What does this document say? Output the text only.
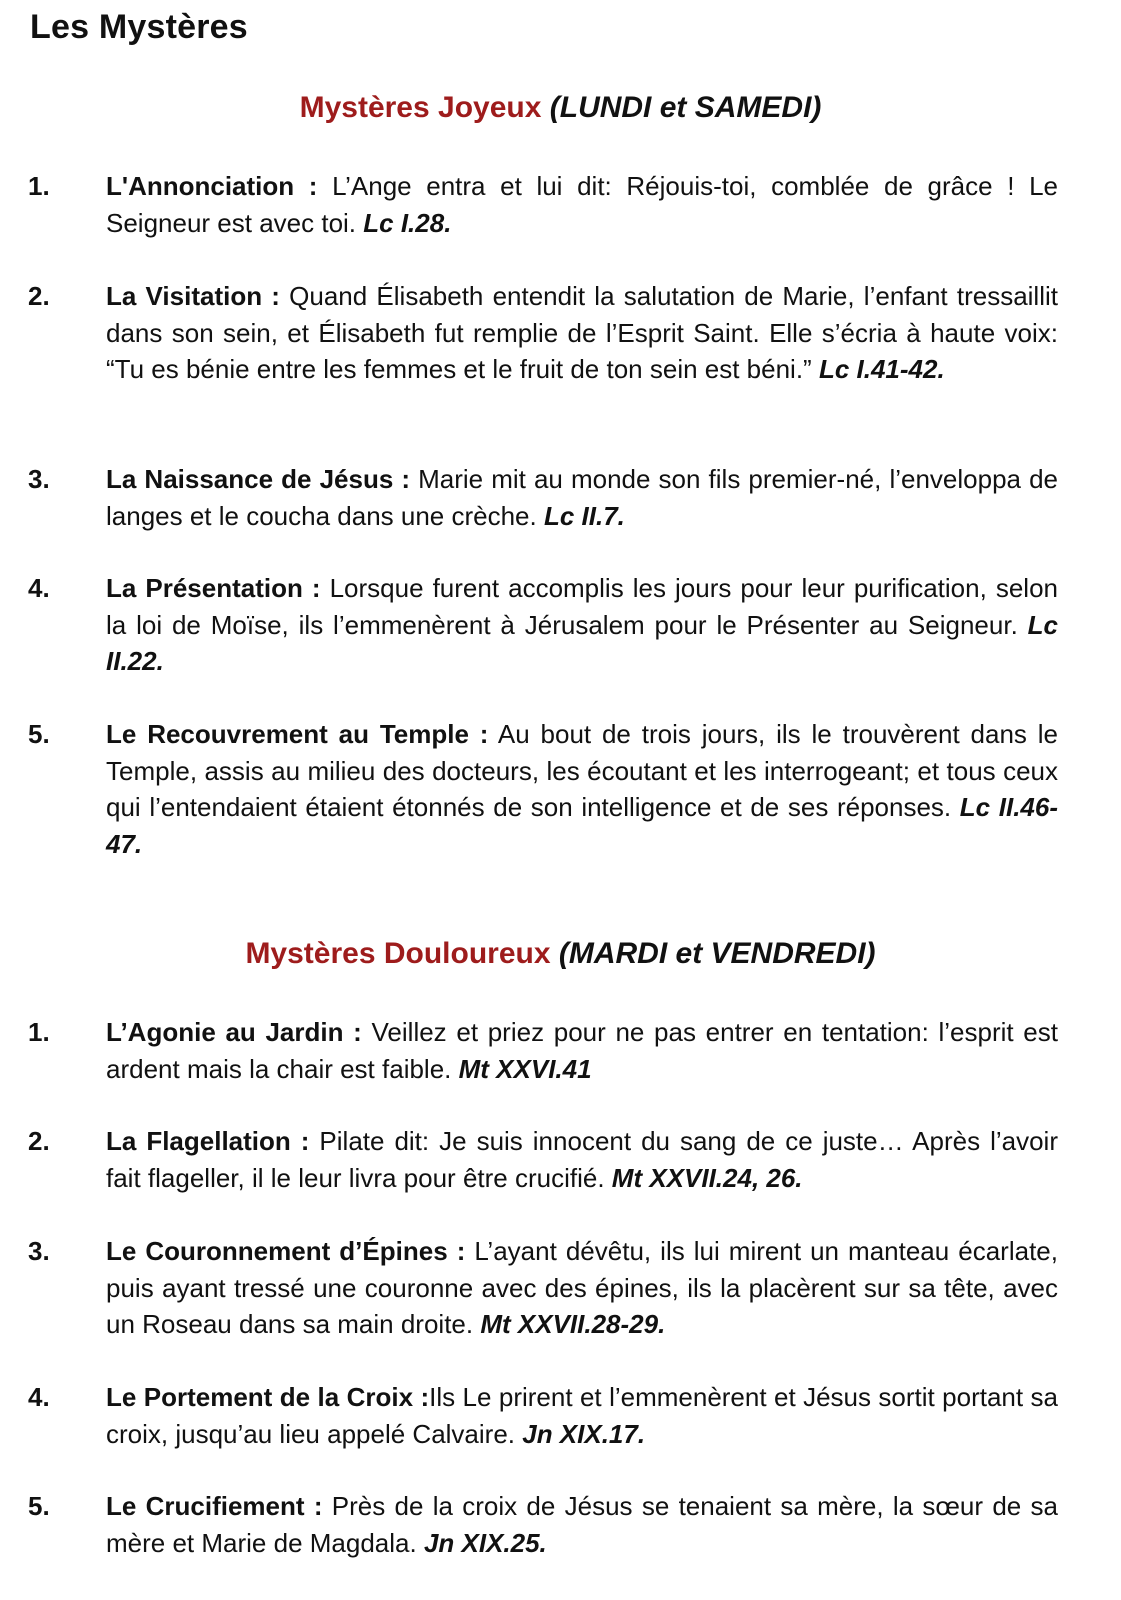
Les Mystères
Mystères Joyeux (LUNDI et SAMEDI)
1. L'Annonciation : L’Ange entra et lui dit: Réjouis-toi, comblée de grâce ! Le Seigneur est avec toi. Lc I.28.

2. La Visitation : Quand Élisabeth entendit la salutation de Marie, l’enfant tressaillit dans son sein, et Élisabeth fut remplie de l’Esprit Saint. Elle s’écria à haute voix: “Tu es bénie entre les femmes et le fruit de ton sein est béni.” Lc I.41-42.

3. La Naissance de Jésus : Marie mit au monde son fils premier-né, l’enveloppa de langes et le coucha dans une crèche. Lc II.7.

4. La Présentation : Lorsque furent accomplis les jours pour leur purification, selon la loi de Moïse, ils l’emmenèrent à Jérusalem pour le Présenter au Seigneur. Lc II.22.

5. Le Recouvrement au Temple : Au bout de trois jours, ils le trouvèrent dans le Temple, assis au milieu des docteurs, les écoutant et les interrogeant; et tous ceux qui l’entendaient étaient étonnés de son intelligence et de ses réponses. Lc II.46-47.

Mystères Douloureux (MARDI et VENDREDI)
1. L’Agonie au Jardin : Veillez et priez pour ne pas entrer en tentation: l’esprit est ardent mais la chair est faible. Mt XXVI.41

2. La Flagellation : Pilate dit: Je suis innocent du sang de ce juste… Après l’avoir fait flageller, il le leur livra pour être crucifié. Mt XXVII.24, 26.

3. Le Couronnement d’Épines : L’ayant dévêtu, ils lui mirent un manteau écarlate, puis ayant tressé une couronne avec des épines, ils la placèrent sur sa tête, avec un Roseau dans sa main droite. Mt XXVII.28-29.

4. Le Portement de la Croix :Ils Le prirent et l’emmenèrent et Jésus sortit portant sa croix, jusqu’au lieu appelé Calvaire. Jn XIX.17.

5. Le Crucifiement : Près de la croix de Jésus se tenaient sa mère, la sœur de sa mère et Marie de Magdala. Jn XIX.25.
